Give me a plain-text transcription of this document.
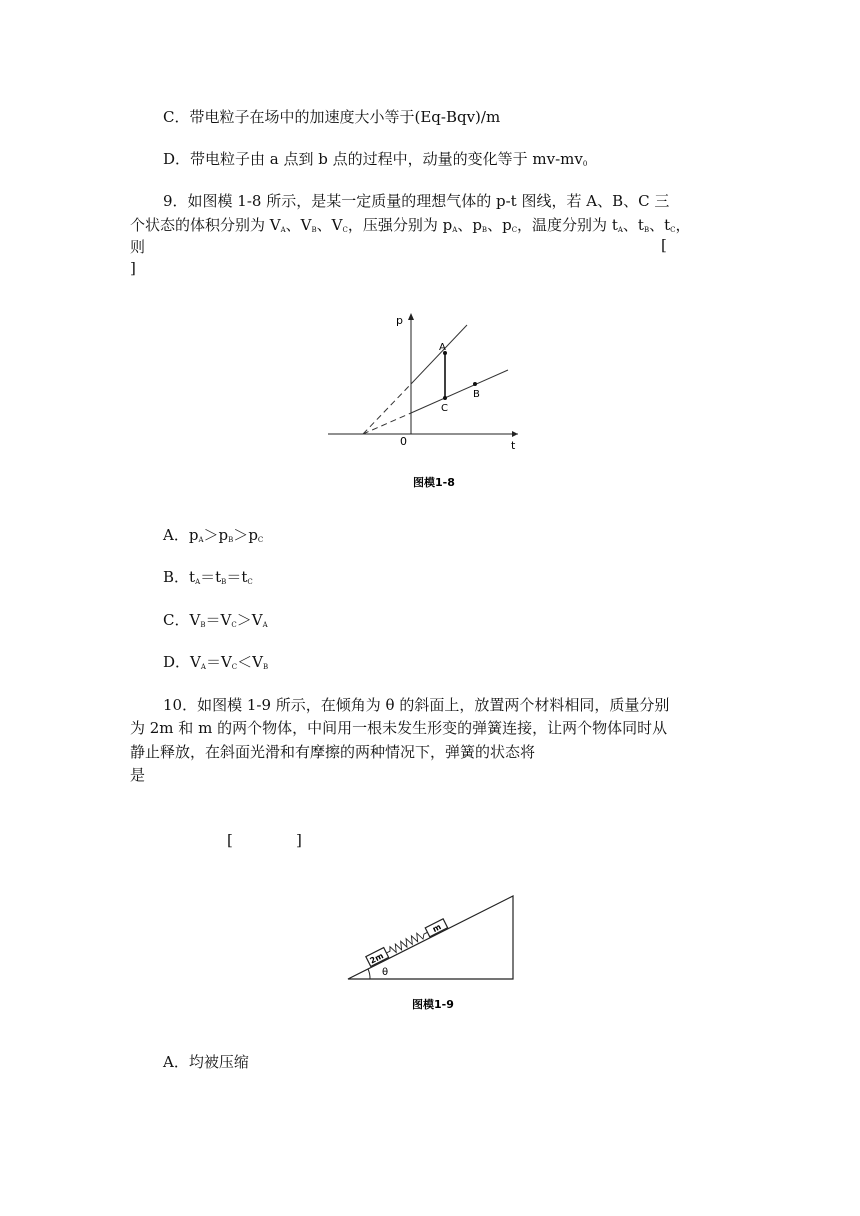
C．带电粒子在场中的加速度大小等于(Eq-Bqv)/m
D．带电粒子由 a 点到 b 点的过程中，动量的变化等于 $mv-mv_0$
9．如图模 1-8 所示，是某一定质量的理想气体的 p-t 图线，若 A、B、C 三
个状态的体积分别为 $V_A$、$V_B$、$V_C$，压强分别为 $p_A$、$p_B$、$p_C$，温度分别为 $t_A$、$t_B$、$t_C$，
则	[
]
p
t
0
A
C
B
图模1-8
A．$p_A>p_B>p_C$
B．$t_A=t_B=t_C$
C．$V_B=V_C>V_A$
D．$V_A=V_C<V_B$
10．如图模 1-9 所示，在倾角为 θ 的斜面上，放置两个材料相同，质量分别
为 2m 和 m 的两个物体，中间用一根未发生形变的弹簧连接，让两个物体同时从
静止释放，在斜面光滑和有摩擦的两种情况下，弹簧的状态将
是
[	]
θ
2m
m
图模1-9
A．均被压缩
